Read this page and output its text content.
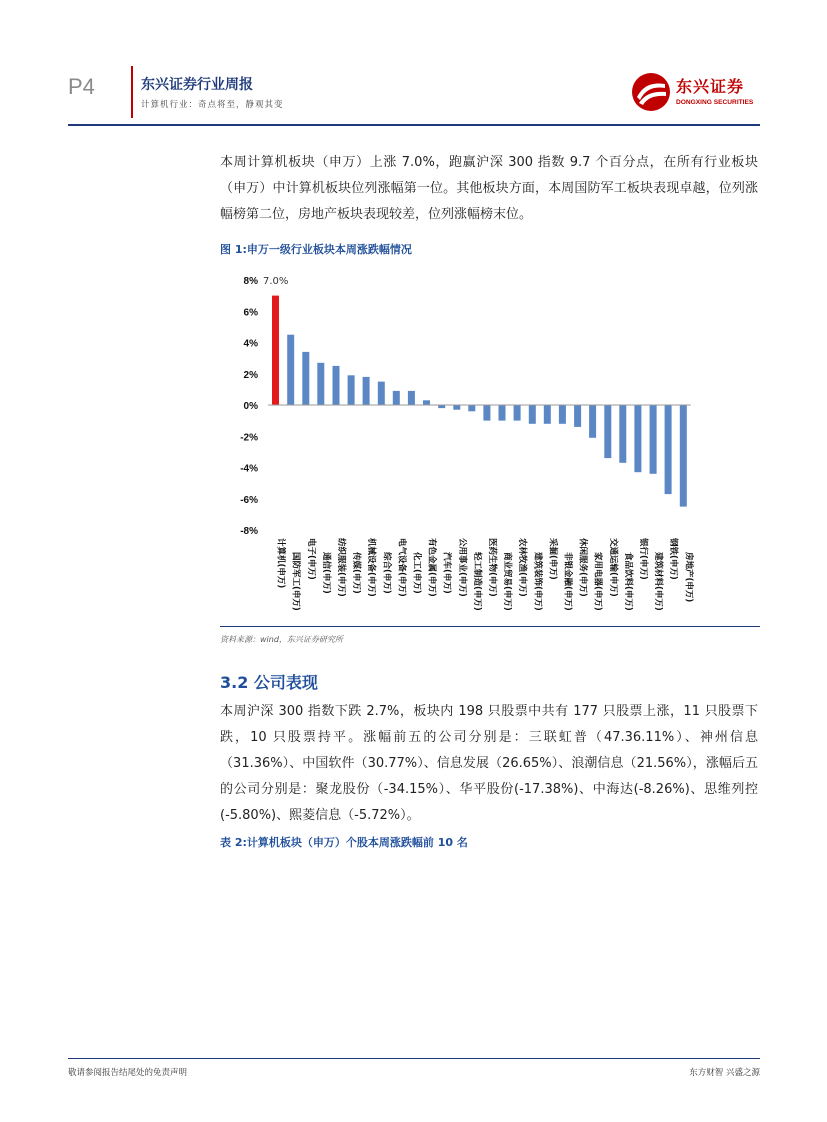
P4	东兴证券行业周报
计算机行业：奇点将至，静观其变
东兴证券
DONGXING SECURITIES
本周计算机板块（申万）上涨 7.0%，跑赢沪深 300 指数 9.7 个百分点，在所有行业板块（申万）中计算机板块位列涨幅第一位。其他板块方面，本周国防军工板块表现卓越，位列涨幅榜第二位，房地产板块表现较差，位列涨幅榜末位。
图 1:申万一级行业板块本周涨跌幅情况
8%
6%
4%
2%
0%
-2%
-4%
-6%
-8%
计算机(申万) 国防军工(申万) 电子(申万) 通信(申万) 纺织服装(申万) 传媒(申万) 机械设备(申万) 综合(申万) 电气设备(申万) 化工(申万) 有色金属(申万) 汽车(申万) 公用事业(申万) 轻工制造(申万) 医药生物(申万) 商业贸易(申万) 农林牧渔(申万) 建筑装饰(申万) 采掘(申万) 非银金融(申万) 休闲服务(申万) 家用电器(申万) 交通运输(申万) 食品饮料(申万) 银行(申万) 建筑材料(申万) 钢铁(申万) 房地产(申万)
7.0%
资料来源：wind，东兴证券研究所
3.2 公司表现
本周沪深 300 指数下跌 2.7%，板块内 198 只股票中共有 177 只股票上涨，11 只股票下跌，10 只股票持平。涨幅前五的公司分别是：三联虹普（47.36.11%）、神州信息（31.36%）、中国软件（30.77%）、信息发展（26.65%）、浪潮信息（21.56%），涨幅后五的公司分别是：聚龙股份（-34.15%）、华平股份(-17.38%)、中海达(-8.26%)、思维列控(-5.80%)、熙菱信息（-5.72%）。
表 2:计算机板块（申万）个股本周涨跌幅前 10 名
敬请参阅报告结尾处的免责声明	东方财智 兴盛之源
